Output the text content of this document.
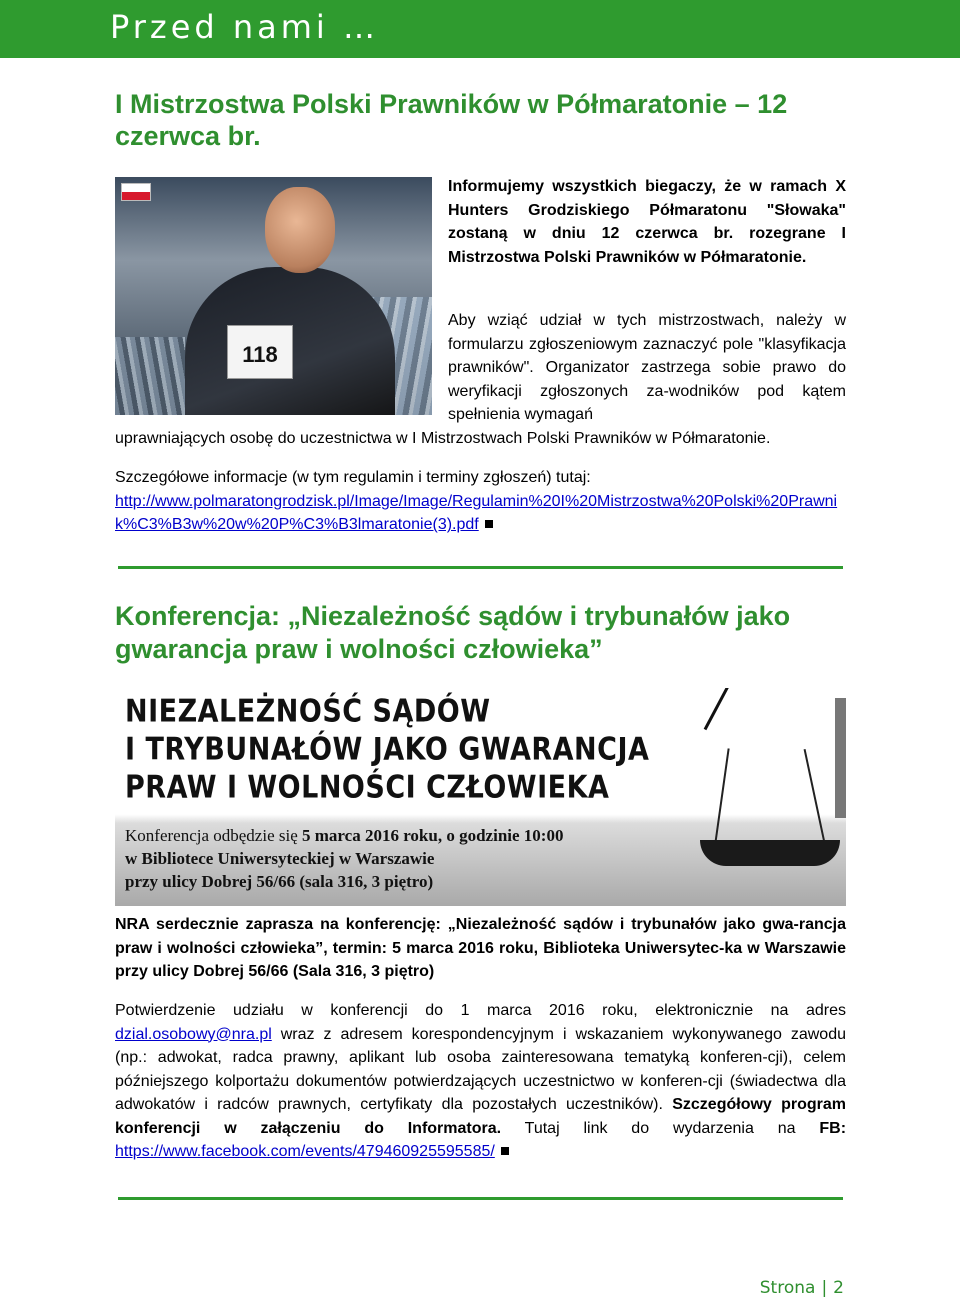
Przed nami …
I Mistrzostwa Polski Prawników w Półmaratonie – 12 czerwca br.
118

Informujemy wszystkich biegaczy, że w ramach X Hunters Grodziskiego Półmaratonu "Słowaka" zostaną w dniu 12 czerwca br. rozegrane I Mistrzostwa Polski Prawników w Półmaratonie.

Aby wziąć udział w tych mistrzostwach, należy w formularzu zgłoszeniowym zaznaczyć pole "klasyfikacja prawników". Organizator zastrzega sobie prawo do weryfikacji zgłoszonych za-wodników pod kątem spełnienia wymagań

uprawniających osobę do uczestnictwa w I Mistrzostwach Polski Prawników w Półmaratonie.

Szczegółowe informacje (w tym regulamin i terminy zgłoszeń) tutaj:

http://www.polmaratongrodzisk.pl/Image/Image/Regulamin%20I%20Mistrzostwa%20Polski%20Prawnik%C3%B3w%20w%20P%C3%B3lmaratonie(3).pdf

Konferencja: „Niezależność sądów i trybunałów jako gwarancja praw i wolności człowieka”
NIEZALEŻNOŚĆ SĄDÓW
I TRYBUNAŁÓW JAKO GWARANCJA
PRAW I WOLNOŚCI CZŁOWIEKA
Konferencja odbędzie się 5 marca 2016 roku, o godzinie 10:00
w Bibliotece Uniwersyteckiej w Warszawie
przy ulicy Dobrej 56/66 (sala 316, 3 piętro)

NRA serdecznie zaprasza na konferencję: „Niezależność sądów i trybunałów jako gwa-rancja praw i wolności człowieka”, termin: 5 marca 2016 roku, Biblioteka Uniwersytec-ka w Warszawie przy ulicy Dobrej 56/66 (Sala 316, 3 piętro)

Potwierdzenie udziału w konferencji do 1 marca 2016 roku, elektronicznie na adres dzial.osobowy@nra.pl wraz z adresem korespondencyjnym i wskazaniem wykonywanego zawodu (np.: adwokat, radca prawny, aplikant lub osoba zainteresowana tematyką konferen-cji), celem późniejszego kolportażu dokumentów potwierdzających uczestnictwo w konferen-cji (świadectwa dla adwokatów i radców prawnych, certyfikaty dla pozostałych uczestników). Szczegółowy program konferencji w załączeniu do Informatora. Tutaj link do wydarzenia na FB: https://www.facebook.com/events/479460925595585/

Strona | 2
